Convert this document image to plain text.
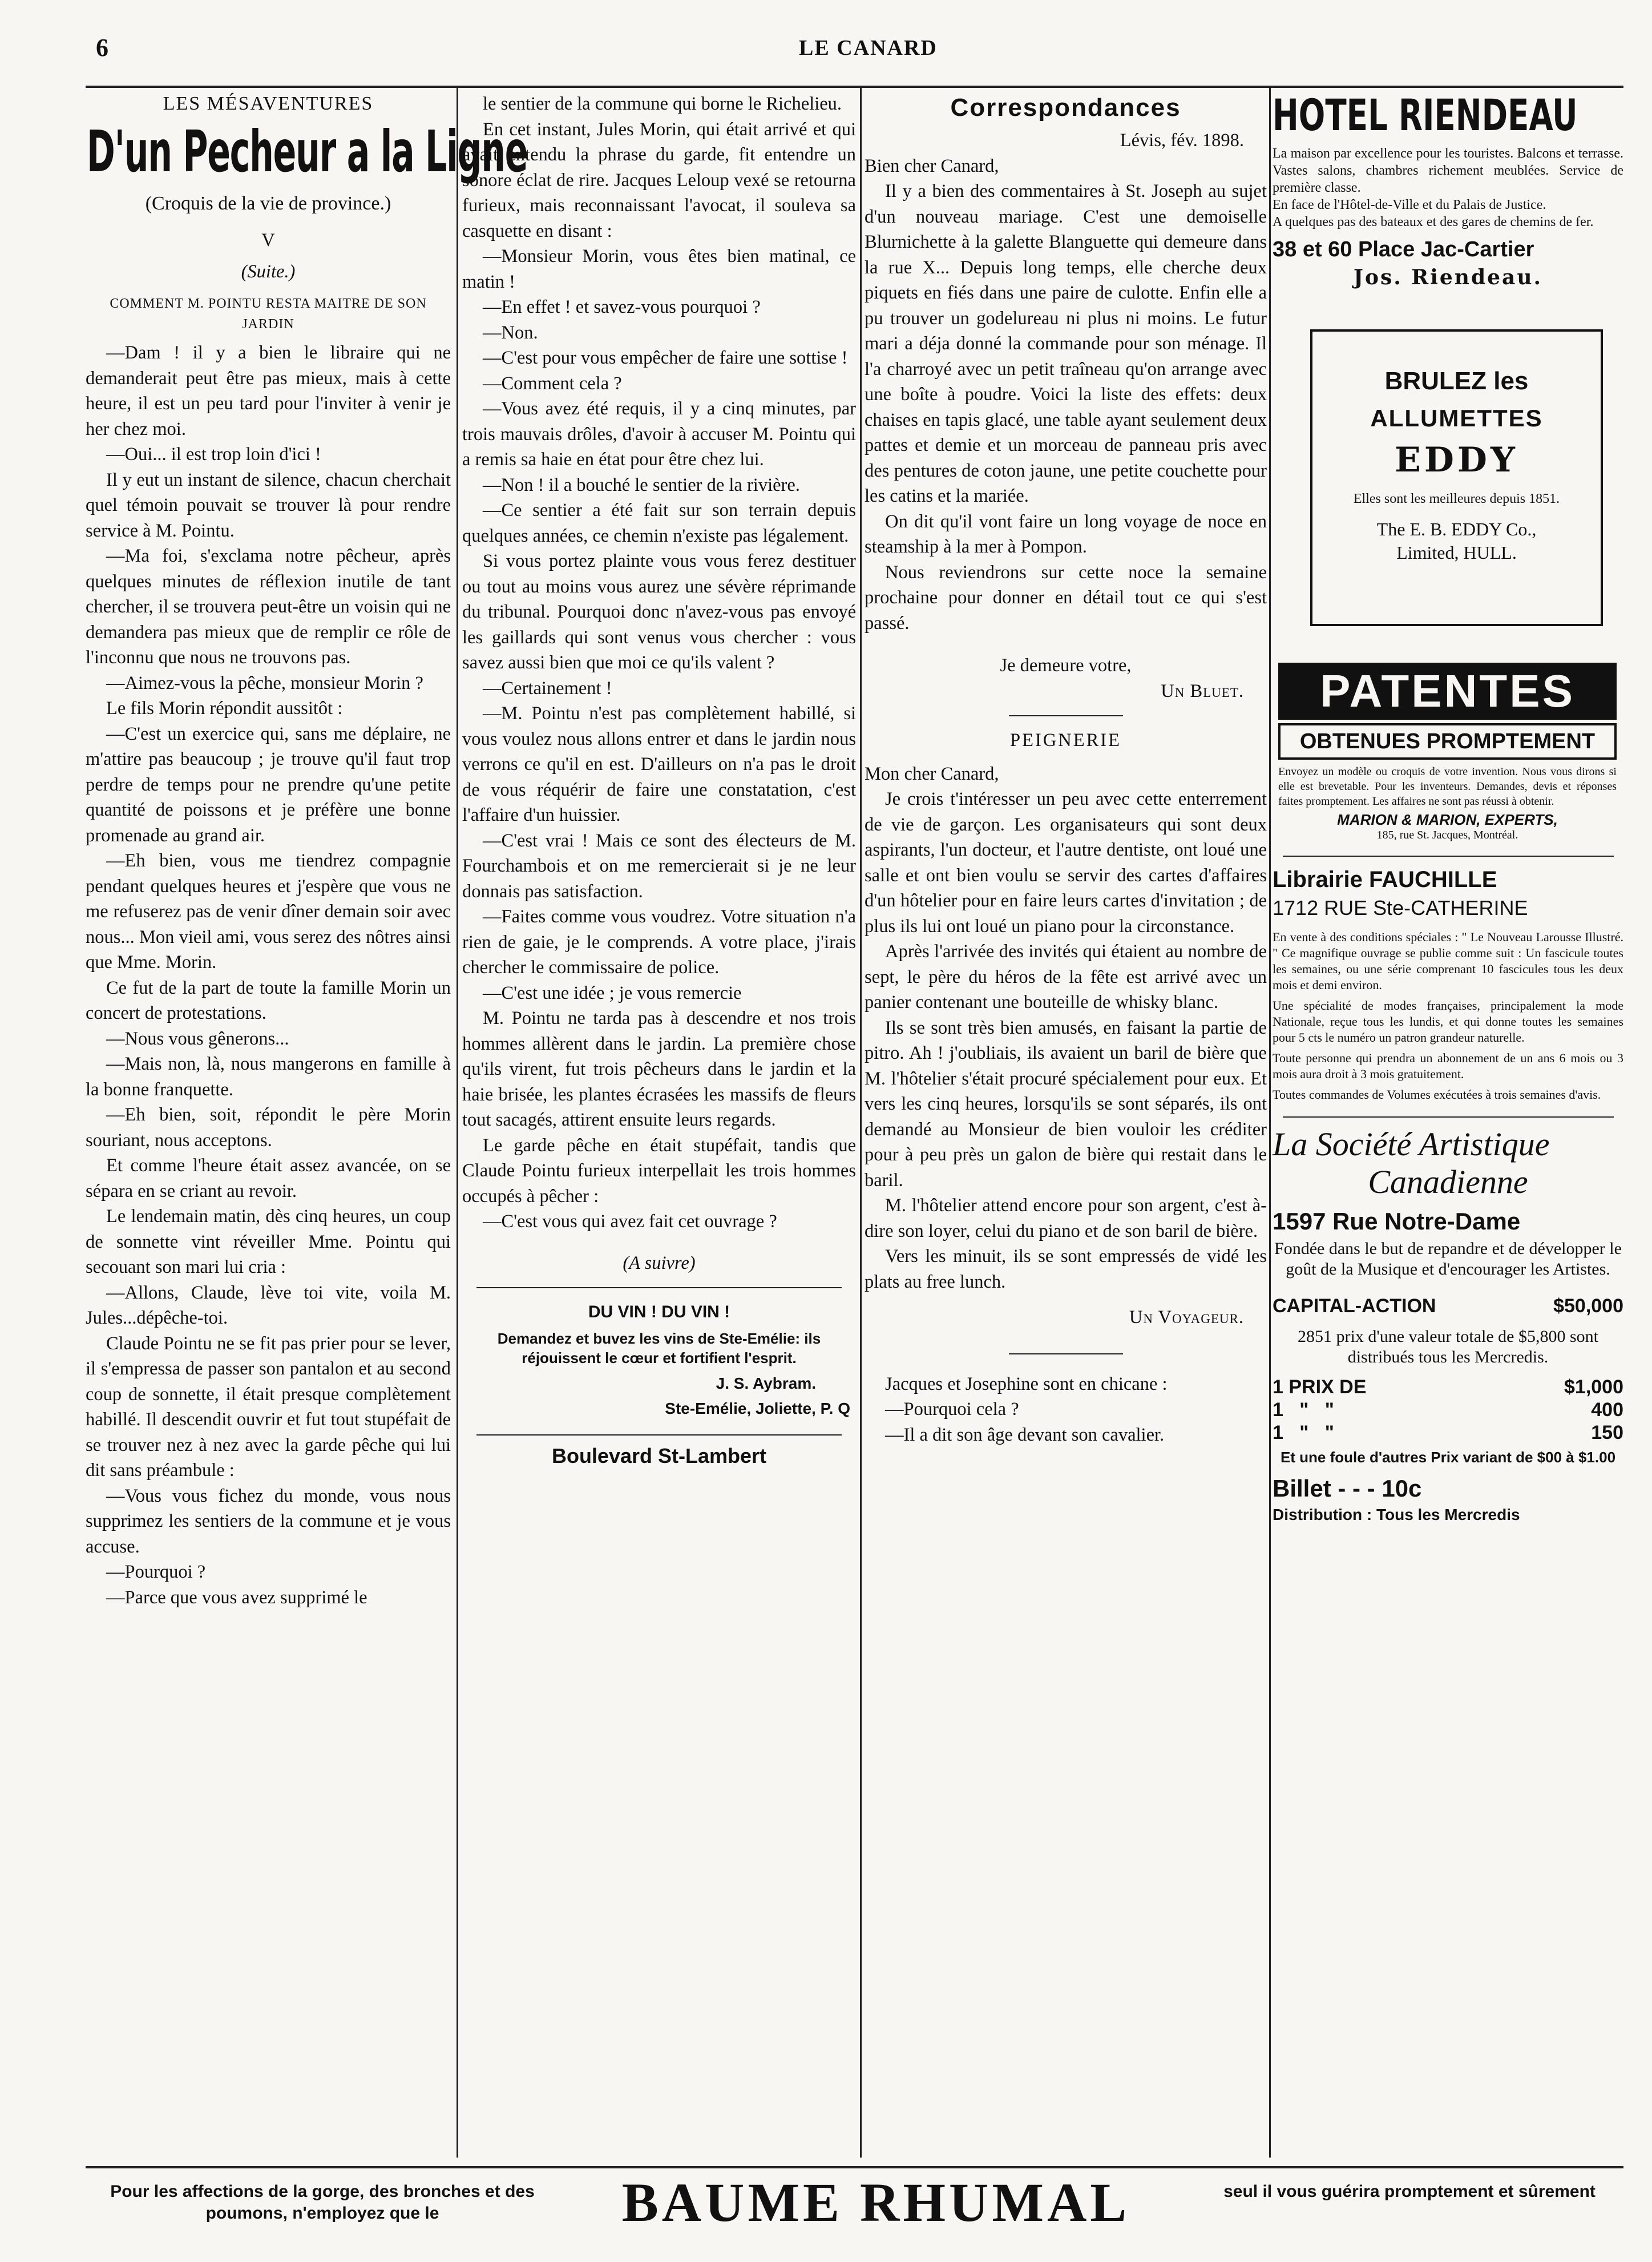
6	LE CANARD
LES MÉSAVENTURES
D'un Pecheur a la Ligne
(Croquis de la vie de province.)
V
(Suite.)
COMMENT M. POINTU RESTA MAITRE DE SON JARDIN

—Dam ! il y a bien le libraire qui ne demanderait peut être pas mieux, mais à cette heure, il est un peu tard pour l'inviter à venir je her chez moi.

—Oui... il est trop loin d'ici !

Il y eut un instant de silence, chacun cherchait quel témoin pouvait se trouver là pour rendre service à M. Pointu.

—Ma foi, s'exclama notre pêcheur, après quelques minutes de réflexion inutile de tant chercher, il se trouvera peut-être un voisin qui ne demandera pas mieux que de remplir ce rôle de l'inconnu que nous ne trouvons pas.

—Aimez-vous la pêche, monsieur Morin ?

Le fils Morin répondit aussitôt :

—C'est un exercice qui, sans me déplaire, ne m'attire pas beaucoup ; je trouve qu'il faut trop perdre de temps pour ne prendre qu'une petite quantité de poissons et je préfère une bonne promenade au grand air.

—Eh bien, vous me tiendrez compagnie pendant quelques heures et j'espère que vous ne me refuserez pas de venir dîner demain soir avec nous... Mon vieil ami, vous serez des nôtres ainsi que Mme. Morin.

Ce fut de la part de toute la famille Morin un concert de protestations.

—Nous vous gênerons...

—Mais non, là, nous mangerons en famille à la bonne franquette.

—Eh bien, soit, répondit le père Morin souriant, nous acceptons.

Et comme l'heure était assez avancée, on se sépara en se criant au revoir.

Le lendemain matin, dès cinq heures, un coup de sonnette vint réveiller Mme. Pointu qui secouant son mari lui cria :

—Allons, Claude, lève toi vite, voila M. Jules...dépêche-toi.

Claude Pointu ne se fit pas prier pour se lever, il s'empressa de passer son pantalon et au second coup de sonnette, il était presque complètement habillé. Il descendit ouvrir et fut tout stupéfait de se trouver nez à nez avec la garde pêche qui lui dit sans préambule :

—Vous vous fichez du monde, vous nous supprimez les sentiers de la commune et je vous accuse.

—Pourquoi ?

—Parce que vous avez supprimé le

le sentier de la commune qui borne le Richelieu.

En cet instant, Jules Morin, qui était arrivé et qui avait entendu la phrase du garde, fit entendre un sonore éclat de rire. Jacques Leloup vexé se retourna furieux, mais reconnaissant l'avocat, il souleva sa casquette en disant :

—Monsieur Morin, vous êtes bien matinal, ce matin !

—En effet ! et savez-vous pourquoi ?

—Non.

—C'est pour vous empêcher de faire une sottise !

—Comment cela ?

—Vous avez été requis, il y a cinq minutes, par trois mauvais drôles, d'avoir à accuser M. Pointu qui a remis sa haie en état pour être chez lui.

—Non ! il a bouché le sentier de la rivière.

—Ce sentier a été fait sur son terrain depuis quelques années, ce chemin n'existe pas légalement.

Si vous portez plainte vous vous ferez destituer ou tout au moins vous aurez une sévère réprimande du tribunal. Pourquoi donc n'avez-vous pas envoyé les gaillards qui sont venus vous chercher : vous savez aussi bien que moi ce qu'ils valent ?

—Certainement !

—M. Pointu n'est pas complètement habillé, si vous voulez nous allons entrer et dans le jardin nous verrons ce qu'il en est. D'ailleurs on n'a pas le droit de vous réquérir de faire une constatation, c'est l'affaire d'un huissier.

—C'est vrai ! Mais ce sont des électeurs de M. Fourchambois et on me remercierait si je ne leur donnais pas satisfaction.

—Faites comme vous voudrez. Votre situation n'a rien de gaie, je le comprends. A votre place, j'irais chercher le commissaire de police.

—C'est une idée ; je vous remercie

M. Pointu ne tarda pas à descendre et nos trois hommes allèrent dans le jardin. La première chose qu'ils virent, fut trois pêcheurs dans le jardin et la haie brisée, les plantes écrasées les massifs de fleurs tout sacagés, attirent ensuite leurs regards.

Le garde pêche en était stupéfait, tandis que Claude Pointu furieux interpellait les trois hommes occupés à pêcher :

—C'est vous qui avez fait cet ouvrage ?

(A suivre)
DU VIN ! DU VIN !
Demandez et buvez les vins de Ste-Emélie: ils réjouissent le cœur et fortifient l'esprit.
J. S. Aybram.
Ste-Emélie, Joliette, P. Q
Boulevard St-Lambert
Correspondances
Lévis, fév. 1898.
Bien cher Canard,

Il y a bien des commentaires à St. Joseph au sujet d'un nouveau mariage. C'est une demoiselle Blurnichette à la galette Blanguette qui demeure dans la rue X... Depuis long temps, elle cherche deux piquets en fiés dans une paire de culotte. Enfin elle a pu trouver un godelureau ni plus ni moins. Le futur mari a déja donné la commande pour son ménage. Il l'a charroyé avec un petit traîneau qu'on arrange avec une boîte à poudre. Voici la liste des effets: deux chaises en tapis glacé, une table ayant seulement deux pattes et demie et un morceau de panneau pris avec des pentures de coton jaune, une petite couchette pour les catins et la mariée.

On dit qu'il vont faire un long voyage de noce en steamship à la mer à Pompon.

Nous reviendrons sur cette noce la semaine prochaine pour donner en détail tout ce qui s'est passé.

Je demeure votre,
Un Bluet.
PEIGNERIE
Mon cher Canard,

Je crois t'intéresser un peu avec cette enterrement de vie de garçon. Les organisateurs qui sont deux aspirants, l'un docteur, et l'autre dentiste, ont loué une salle et ont bien voulu se servir des cartes d'affaires d'un hôtelier pour en faire leurs cartes d'invitation ; de plus ils lui ont loué un piano pour la circonstance.

Après l'arrivée des invités qui étaient au nombre de sept, le père du héros de la fête est arrivé avec un panier contenant une bouteille de whisky blanc.

Ils se sont très bien amusés, en faisant la partie de pitro. Ah ! j'oubliais, ils avaient un baril de bière que M. l'hôtelier s'était procuré spécialement pour eux. Et vers les cinq heures, lorsqu'ils se sont séparés, ils ont demandé au Monsieur de bien vouloir les créditer pour à peu près un galon de bière qui restait dans le baril.

M. l'hôtelier attend encore pour son argent, c'est à-dire son loyer, celui du piano et de son baril de bière.

Vers les minuit, ils se sont empressés de vidé les plats au free lunch.

Un Voyageur.

Jacques et Josephine sont en chicane :

—Pourquoi cela ?

—Il a dit son âge devant son cavalier.

HOTEL RIENDEAU
La maison par excellence pour les touristes. Balcons et terrasse. Vastes salons, chambres richement meublées. Service de première classe.
En face de l'Hôtel-de-Ville et du Palais de Justice.
A quelques pas des bateaux et des gares de chemins de fer.
38 et 60 Place Jac-Cartier
Jos. Riendeau.
BRULEZ les
ALLUMETTES
EDDY
Elles sont les meilleures depuis 1851.
The E. B. EDDY Co.,
Limited, HULL.
PATENTES
OBTENUES PROMPTEMENT
Envoyez un modèle ou croquis de votre invention. Nous vous dirons si elle est brevetable. Pour les inventeurs. Demandes, devis et réponses faites promptement. Les affaires ne sont pas réussi à obtenir.
MARION & MARION, EXPERTS,
185, rue St. Jacques, Montréal.
Librairie FAUCHILLE
1712 RUE Ste-CATHERINE
En vente à des conditions spéciales : " Le Nouveau Larousse Illustré. " Ce magnifique ouvrage se publie comme suit : Un fascicule toutes les semaines, ou une série comprenant 10 fascicules tous les deux mois et demi environ.
Une spécialité de modes françaises, principalement la mode Nationale, reçue tous les lundis, et qui donne toutes les semaines pour 5 cts le numéro un patron grandeur naturelle.
Toute personne qui prendra un abonnement de un ans 6 mois ou 3 mois aura droit à 3 mois gratuitement.
Toutes commandes de Volumes exécutées à trois semaines d'avis.
La Société Artistique
Canadienne
1597 Rue Notre-Dame
Fondée dans le but de repandre et de développer le goût de la Musique et d'encourager les Artistes.
CAPITAL-ACTION	$50,000
2851 prix d'une valeur totale de $5,800 sont distribués tous les Mercredis.
1 PRIX DE	$1,000
1   "   "	400
1   "   "	150
Et une foule d'autres Prix variant de $00 à $1.00
Billet - - - 10c
Distribution : Tous les Mercredis
Pour les affections de la gorge, des bronches et des poumons, n'employez que le	BAUME RHUMAL	seul il vous guérira promptement et sûrement
